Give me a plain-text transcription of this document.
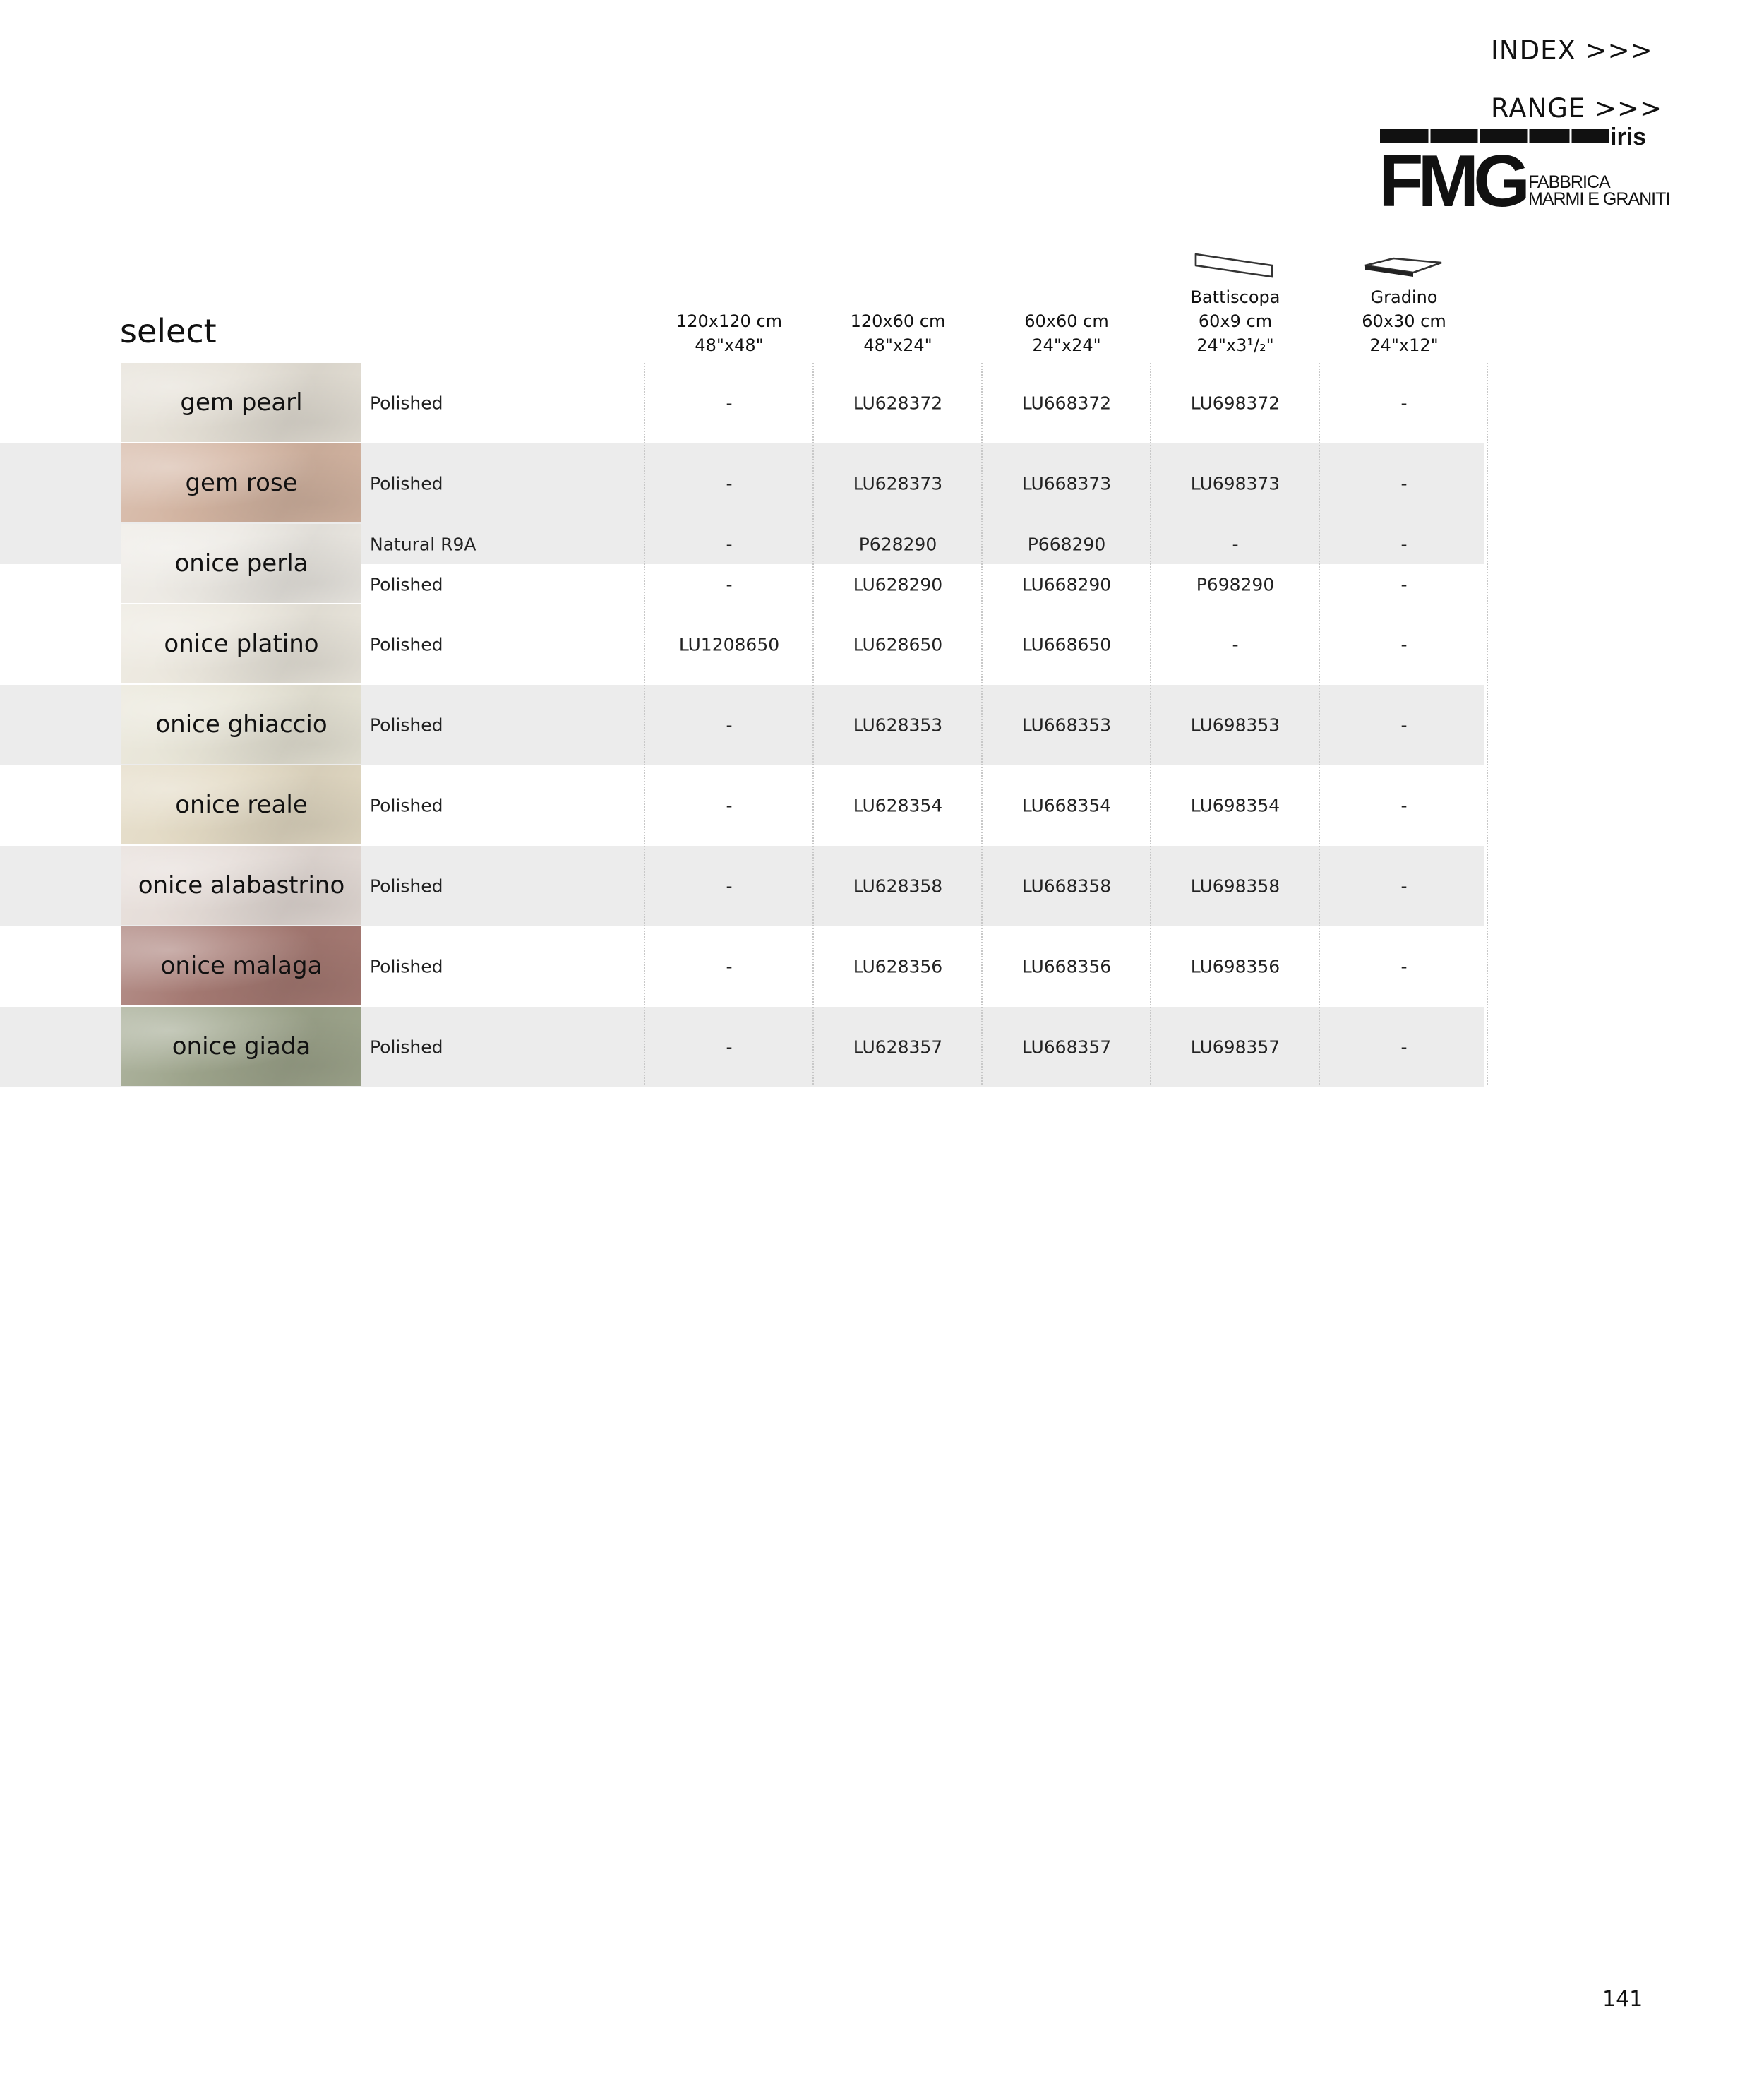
INDEX >>>
RANGE >>>
iris
FMG FABBRICA
MARMI E GRANITI
select	120x120 cm
48"x48"
120x60 cm
48"x24"
60x60 cm
24"x24"
Battiscopa
60x9 cm
24"x3¹/₂"
Gradino
60x30 cm
24"x12"
gem pearl	Polished	-	LU628372	LU668372	LU698372	-
gem rose	Polished	-	LU628373	LU668373	LU698373	-
onice perla
Natural R9A	-	P628290	P668290	-	-
Polished	-	LU628290	LU668290	P698290	-
onice platino	Polished	LU1208650	LU628650	LU668650	-	-
onice ghiaccio	Polished	-	LU628353	LU668353	LU698353	-
onice reale	Polished	-	LU628354	LU668354	LU698354	-
onice alabastrino	Polished	-	LU628358	LU668358	LU698358	-
onice malaga	Polished	-	LU628356	LU668356	LU698356	-
onice giada	Polished	-	LU628357	LU668357	LU698357	-
141
